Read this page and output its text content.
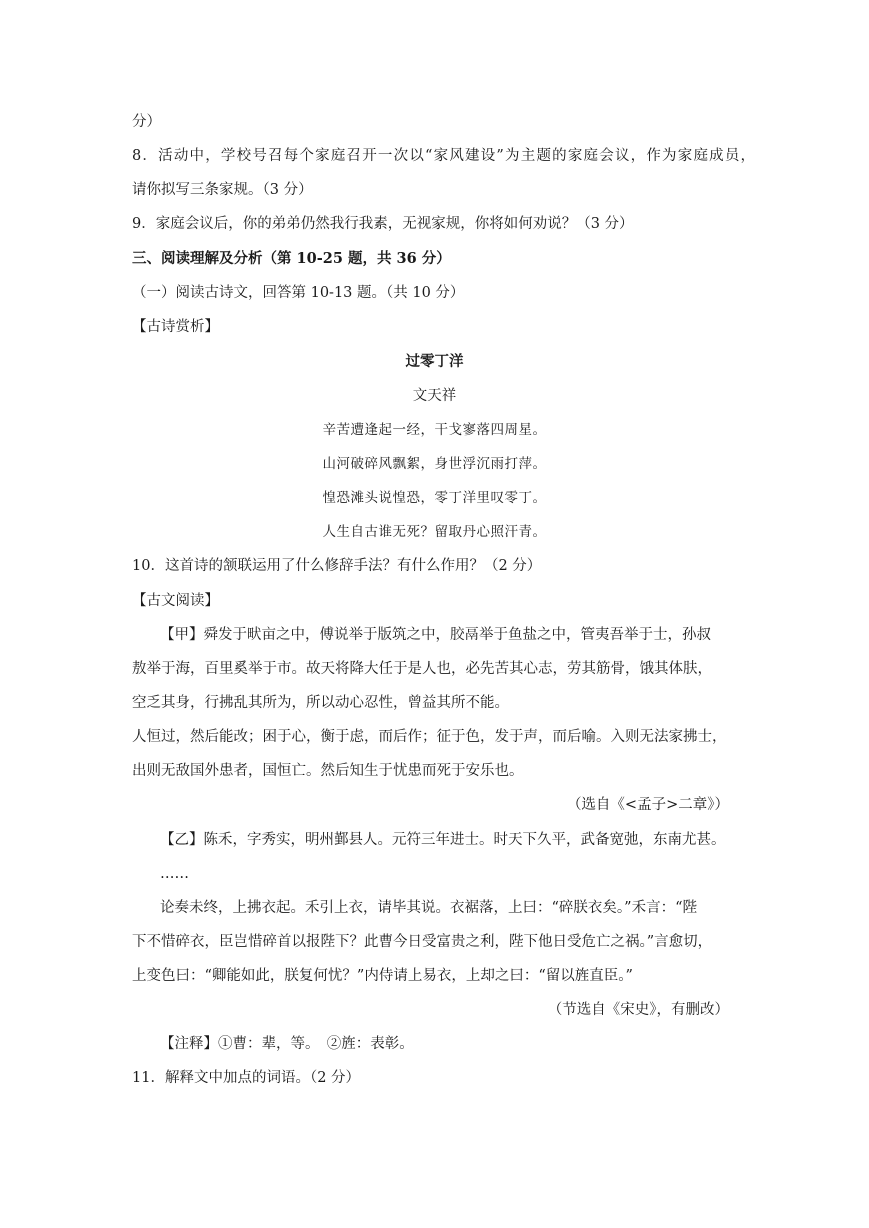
分）
8．活动中，学校号召每个家庭召开一次以“家风建设”为主题的家庭会议，作为家庭成员，
请你拟写三条家规。（3 分）
9．家庭会议后，你的弟弟仍然我行我素，无视家规，你将如何劝说？（3 分）
三、阅读理解及分析（第 10-25 题，共 36 分）
（一）阅读古诗文，回答第 10-13 题。（共 10 分）
【古诗赏析】
过零丁洋
文天祥
辛苦遭逢起一经，干戈寥落四周星。
山河破碎风飘絮，身世浮沉雨打萍。
惶恐滩头说惶恐，零丁洋里叹零丁。
人生自古谁无死？留取丹心照汗青。
10．这首诗的颔联运用了什么修辞手法？有什么作用？（2 分）
【古文阅读】
【甲】舜发于畎亩之中，傅说举于版筑之中，胶鬲举于鱼盐之中，管夷吾举于士，孙叔
敖举于海，百里奚举于市。故天将降大任于是人也，必先苦其心志，劳其筋骨，饿其体肤，
空乏其身，行拂乱其所为，所以动心忍性，曾益其所不能。
人恒过，然后能改；困于心，衡于虑，而后作；征于色，发于声，而后喻。入则无法家拂士，
出则无敌国外患者，国恒亡。然后知生于忧患而死于安乐也。
（选自《<孟子>二章》）
【乙】陈禾，字秀实，明州鄞县人。元符三年进士。时天下久平，武备宽弛，东南尤甚。
……
论奏未终，上拂衣起。禾引上衣，请毕其说。衣裾落，上曰：“碎朕衣矣。”禾言：“陛
下不惜碎衣，臣岂惜碎首以报陛下？此曹今日受富贵之利，陛下他日受危亡之祸。”言愈切，
上变色曰：“卿能如此，朕复何忧？”内侍请上易衣，上却之曰：“留以旌直臣。”
（节选自《宋史》，有删改）
【注释】①曹：辈，等。　②旌：表彰。
11．解释文中加点的词语。（2 分）
